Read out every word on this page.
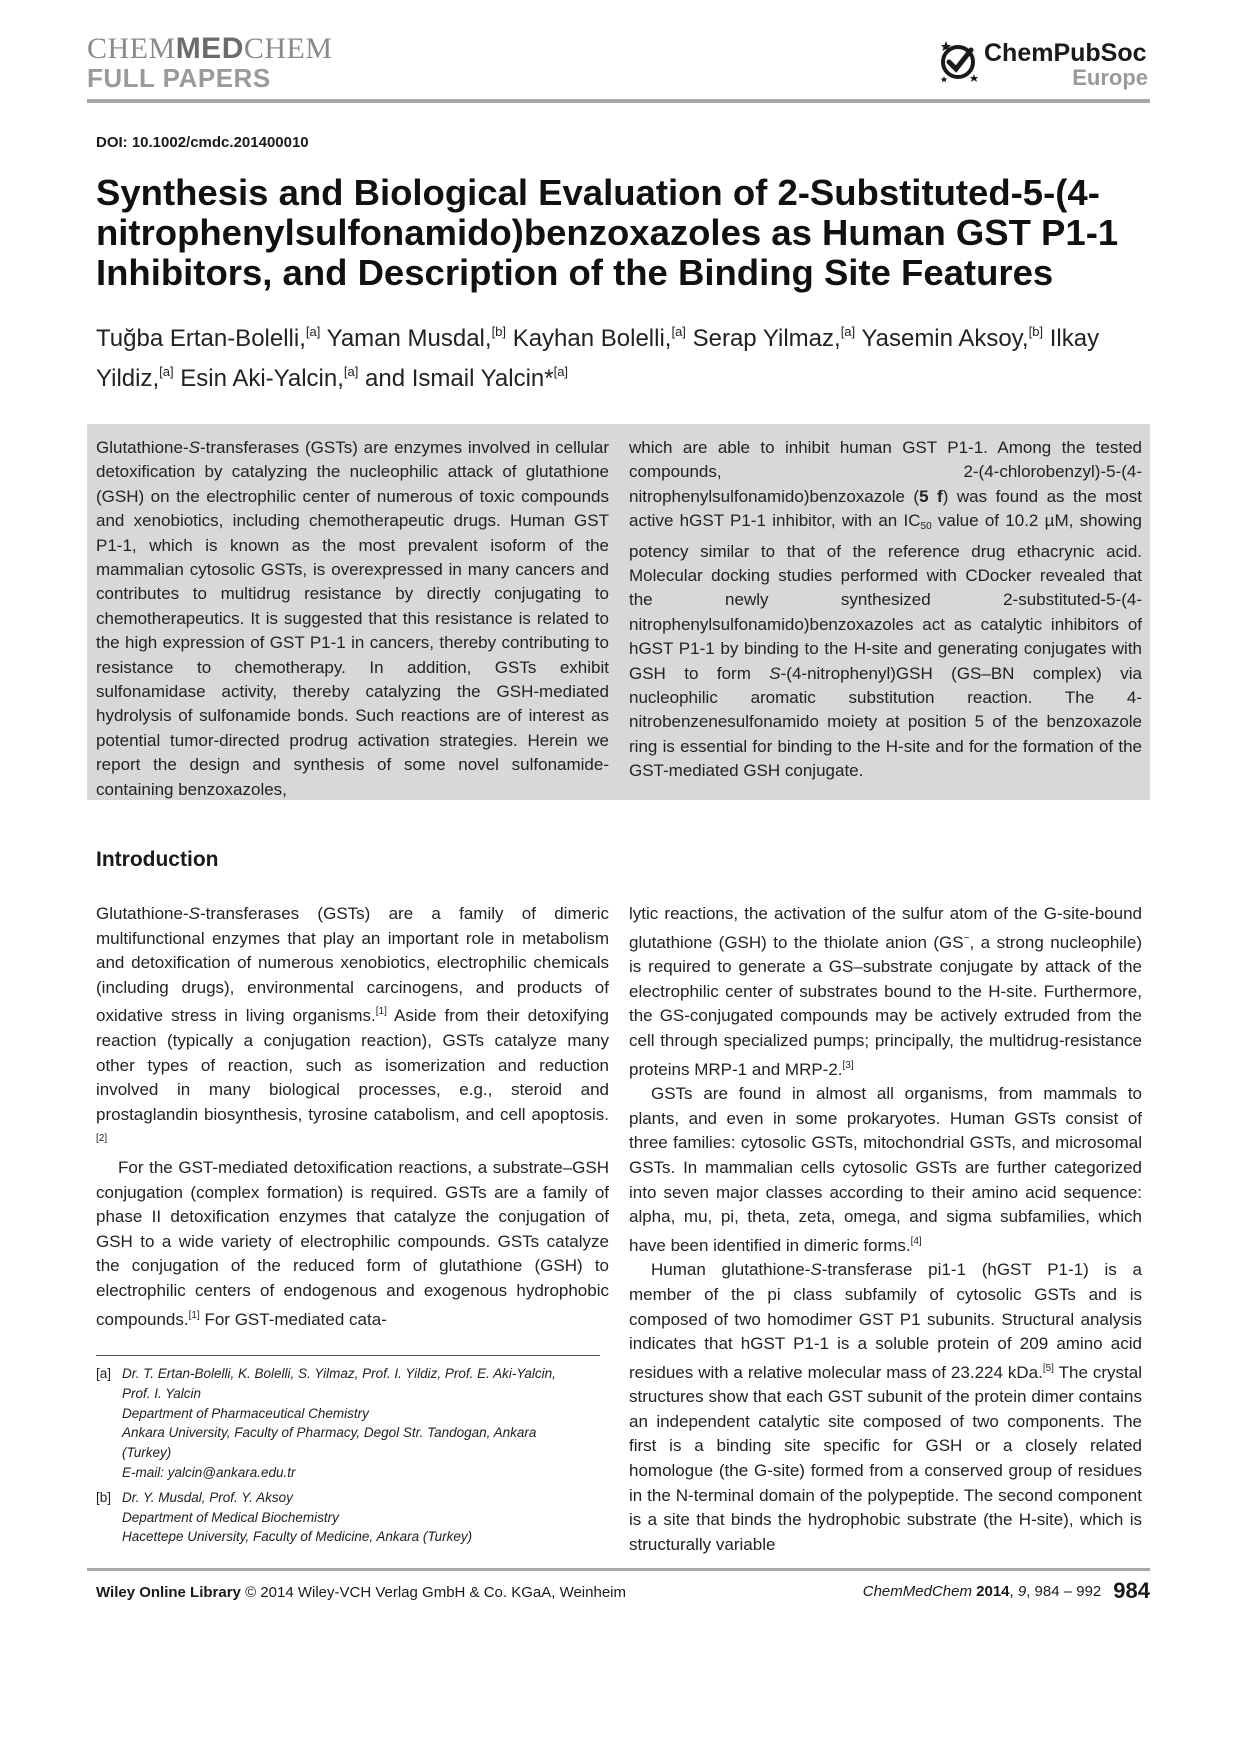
CHEMMEDCHEM
FULL PAPERS
ChemPubSoc
Europe
DOI: 10.1002/cmdc.201400010
Synthesis and Biological Evaluation of 2-Substituted-5-(4-nitrophenylsulfonamido)benzoxazoles as Human GST P1-1 Inhibitors, and Description of the Binding Site Features
Tuğba Ertan-Bolelli,[a] Yaman Musdal,[b] Kayhan Bolelli,[a] Serap Yilmaz,[a] Yasemin Aksoy,[b] Ilkay Yildiz,[a] Esin Aki-Yalcin,[a] and Ismail Yalcin*[a]
Glutathione-S-transferases (GSTs) are enzymes involved in cellular detoxification by catalyzing the nucleophilic attack of glutathione (GSH) on the electrophilic center of numerous of toxic compounds and xenobiotics, including chemotherapeutic drugs. Human GST P1-1, which is known as the most prevalent isoform of the mammalian cytosolic GSTs, is overexpressed in many cancers and contributes to multidrug resistance by directly conjugating to chemotherapeutics. It is suggested that this resistance is related to the high expression of GST P1-1 in cancers, thereby contributing to resistance to chemotherapy. In addition, GSTs exhibit sulfonamidase activity, thereby catalyzing the GSH-mediated hydrolysis of sulfonamide bonds. Such reactions are of interest as potential tumor-directed prodrug activation strategies. Herein we report the design and synthesis of some novel sulfonamide-containing benzoxazoles,
which are able to inhibit human GST P1-1. Among the tested compounds, 2-(4-chlorobenzyl)-5-(4-nitrophenylsulfonamido)benzoxazole (5 f) was found as the most active hGST P1-1 inhibitor, with an $IC_{50}$ value of 10.2 µM, showing potency similar to that of the reference drug ethacrynic acid. Molecular docking studies performed with CDocker revealed that the newly synthesized 2-substituted-5-(4-nitrophenylsulfonamido)benzoxazoles act as catalytic inhibitors of hGST P1-1 by binding to the H-site and generating conjugates with GSH to form S-(4-nitrophenyl)GSH (GS–BN complex) via nucleophilic aromatic substitution reaction. The 4-nitrobenzenesulfonamido moiety at position 5 of the benzoxazole ring is essential for binding to the H-site and for the formation of the GST-mediated GSH conjugate.
Introduction

Glutathione-S-transferases (GSTs) are a family of dimeric multifunctional enzymes that play an important role in metabolism and detoxification of numerous xenobiotics, electrophilic chemicals (including drugs), environmental carcinogens, and products of oxidative stress in living organisms.[1] Aside from their detoxifying reaction (typically a conjugation reaction), GSTs catalyze many other types of reaction, such as isomerization and reduction involved in many biological processes, e.g., steroid and prostaglandin biosynthesis, tyrosine catabolism, and cell apoptosis.[2]

For the GST-mediated detoxification reactions, a substrate–GSH conjugation (complex formation) is required. GSTs are a family of phase II detoxification enzymes that catalyze the conjugation of GSH to a wide variety of electrophilic compounds. GSTs catalyze the conjugation of the reduced form of glutathione (GSH) to electrophilic centers of endogenous and exogenous hydrophobic compounds.[1] For GST-mediated cata-

lytic reactions, the activation of the sulfur atom of the G-site-bound glutathione (GSH) to the thiolate anion (GS−, a strong nucleophile) is required to generate a GS–substrate conjugate by attack of the electrophilic center of substrates bound to the H-site. Furthermore, the GS-conjugated compounds may be actively extruded from the cell through specialized pumps; principally, the multidrug-resistance proteins MRP-1 and MRP-2.[3]

GSTs are found in almost all organisms, from mammals to plants, and even in some prokaryotes. Human GSTs consist of three families: cytosolic GSTs, mitochondrial GSTs, and microsomal GSTs. In mammalian cells cytosolic GSTs are further categorized into seven major classes according to their amino acid sequence: alpha, mu, pi, theta, zeta, omega, and sigma subfamilies, which have been identified in dimeric forms.[4]

Human glutathione-S-transferase pi1-1 (hGST P1-1) is a member of the pi class subfamily of cytosolic GSTs and is composed of two homodimer GST P1 subunits. Structural analysis indicates that hGST P1-1 is a soluble protein of 209 amino acid residues with a relative molecular mass of 23.224 kDa.[5] The crystal structures show that each GST subunit of the protein dimer contains an independent catalytic site composed of two components. The first is a binding site specific for GSH or a closely related homologue (the G-site) formed from a conserved group of residues in the N-terminal domain of the polypeptide. The second component is a site that binds the hydrophobic substrate (the H-site), which is structurally variable

[a] Dr. T. Ertan-Bolelli, K. Bolelli, S. Yilmaz, Prof. I. Yildiz, Prof. E. Aki-Yalcin,
Prof. I. Yalcin
Department of Pharmaceutical Chemistry
Ankara University, Faculty of Pharmacy, Degol Str. Tandogan, Ankara
(Turkey)
E-mail: yalcin@ankara.edu.tr
[b] Dr. Y. Musdal, Prof. Y. Aksoy
Department of Medical Biochemistry
Hacettepe University, Faculty of Medicine, Ankara (Turkey)
Wiley Online Library © 2014 Wiley-VCH Verlag GmbH & Co. KGaA, Weinheim	ChemMedChem 2014, 9, 984 – 992 984
